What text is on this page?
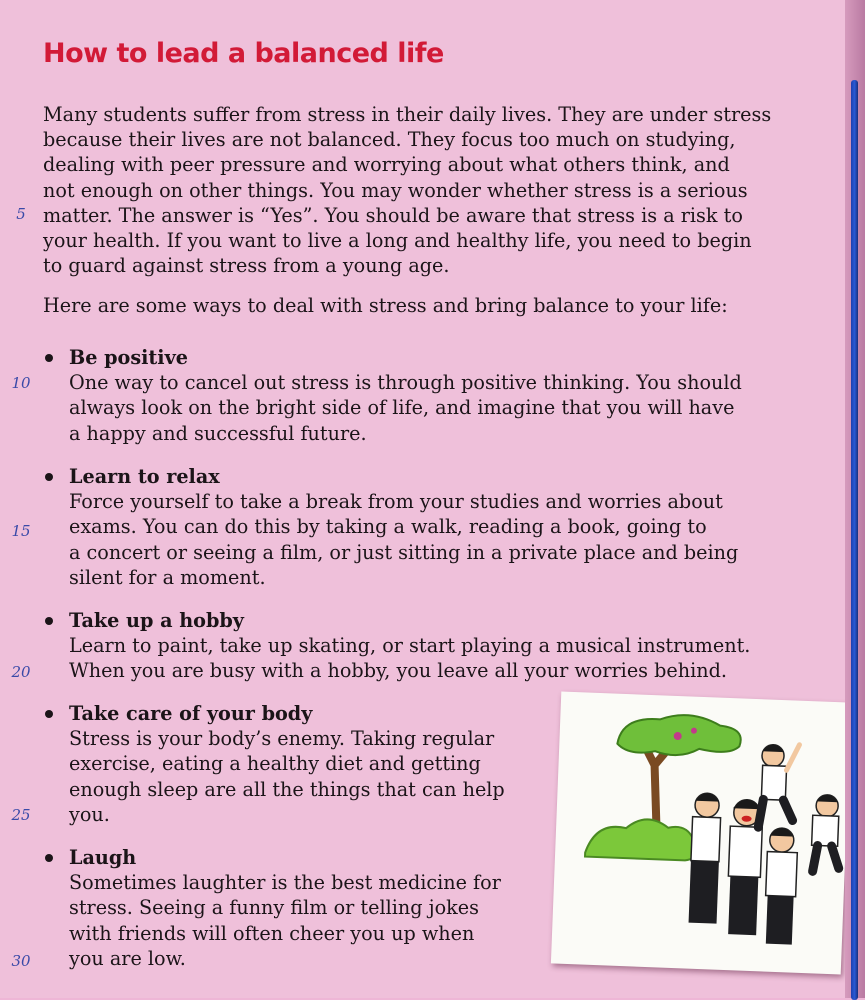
How to lead a balanced life
Many students suffer from stress in their daily lives. They are under stress
because their lives are not balanced. They focus too much on studying,
dealing with peer pressure and worrying about what others think, and
not enough on other things. You may wonder whether stress is a serious
matter. The answer is “Yes”. You should be aware that stress is a risk to
your health. If you want to live a long and healthy life, you need to begin
to guard against stress from a young age.
Here are some ways to deal with stress and bring balance to your life:
5
10
15
20
25
30
Be positive
One way to cancel out stress is through positive thinking. You should
always look on the bright side of life, and imagine that you will have
a happy and successful future.
Learn to relax
Force yourself to take a break from your studies and worries about
exams. You can do this by taking a walk, reading a book, going to
a concert or seeing a film, or just sitting in a private place and being
silent for a moment.
Take up a hobby
Learn to paint, take up skating, or start playing a musical instrument.
When you are busy with a hobby, you leave all your worries behind.
Take care of your body
Stress is your body’s enemy. Taking regular
exercise, eating a healthy diet and getting
enough sleep are all the things that can help
you.
Laugh
Sometimes laughter is the best medicine for
stress. Seeing a funny film or telling jokes
with friends will often cheer you up when
you are low.
